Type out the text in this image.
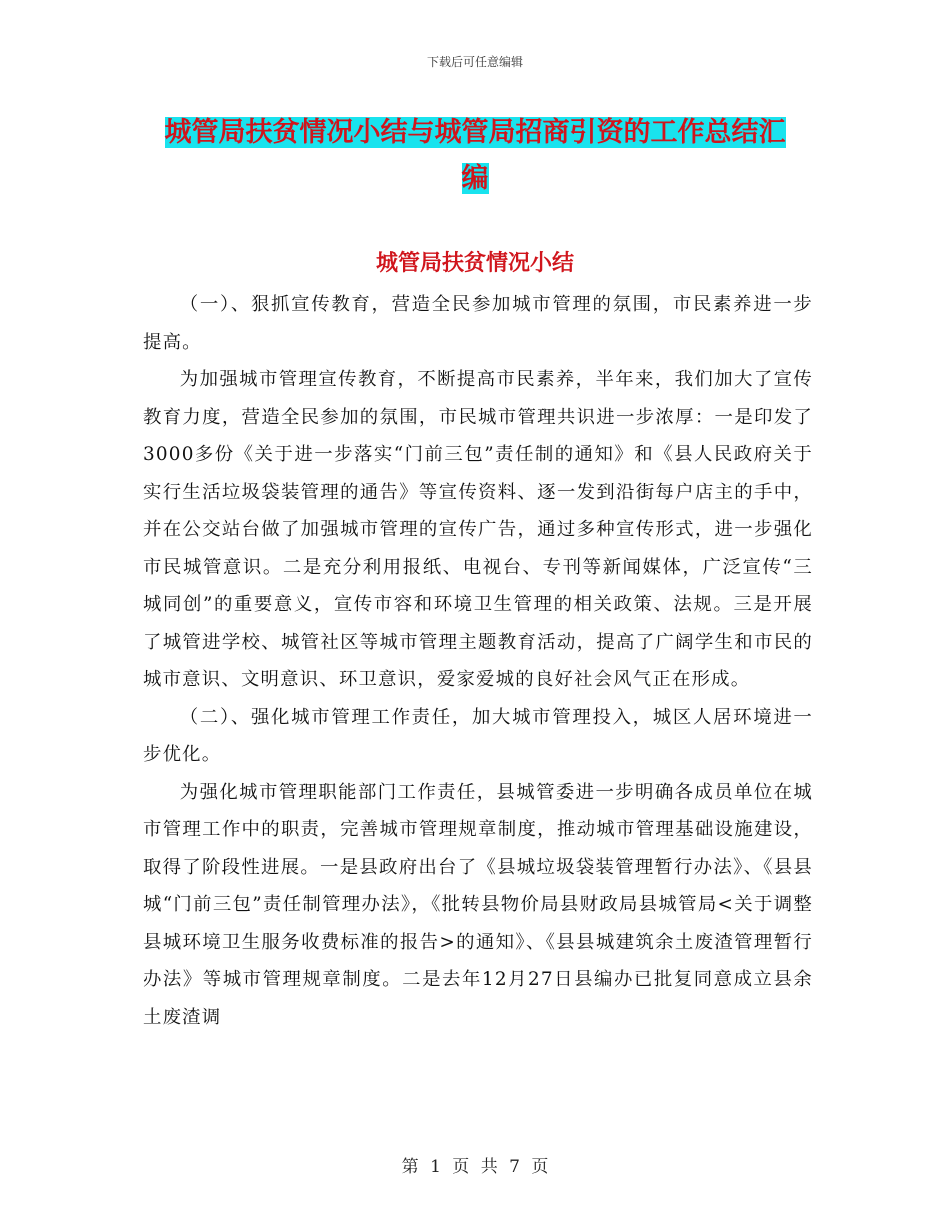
下载后可任意编辑
城管局扶贫情况小结与城管局招商引资的工作总结汇
编
城管局扶贫情况小结

（一）、狠抓宣传教育，营造全民参加城市管理的氛围，市民素养进一步提高。

为加强城市管理宣传教育，不断提高市民素养，半年来，我们加大了宣传教育力度，营造全民参加的氛围，市民城市管理共识进一步浓厚：一是印发了3000多份《关于进一步落实“门前三包”责任制的通知》和《县人民政府关于实行生活垃圾袋装管理的通告》等宣传资料、逐一发到沿街每户店主的手中，并在公交站台做了加强城市管理的宣传广告，通过多种宣传形式，进一步强化市民城管意识。二是充分利用报纸、电视台、专刊等新闻媒体，广泛宣传“三城同创”的重要意义，宣传市容和环境卫生管理的相关政策、法规。三是开展了城管进学校、城管社区等城市管理主题教育活动，提高了广阔学生和市民的城市意识、文明意识、环卫意识，爱家爱城的良好社会风气正在形成。

（二）、强化城市管理工作责任，加大城市管理投入，城区人居环境进一步优化。

为强化城市管理职能部门工作责任，县城管委进一步明确各成员单位在城市管理工作中的职责，完善城市管理规章制度，推动城市管理基础设施建设，取得了阶段性进展。一是县政府出台了《县城垃圾袋装管理暂行办法》、《县县城“门前三包”责任制管理办法》，《批转县物价局县财政局县城管局<关于调整县城环境卫生服务收费标准的报告>的通知》、《县县城建筑余土废渣管理暂行办法》等城市管理规章制度。二是去年12月27日县编办已批复同意成立县余土废渣调

第 1 页 共 7 页
